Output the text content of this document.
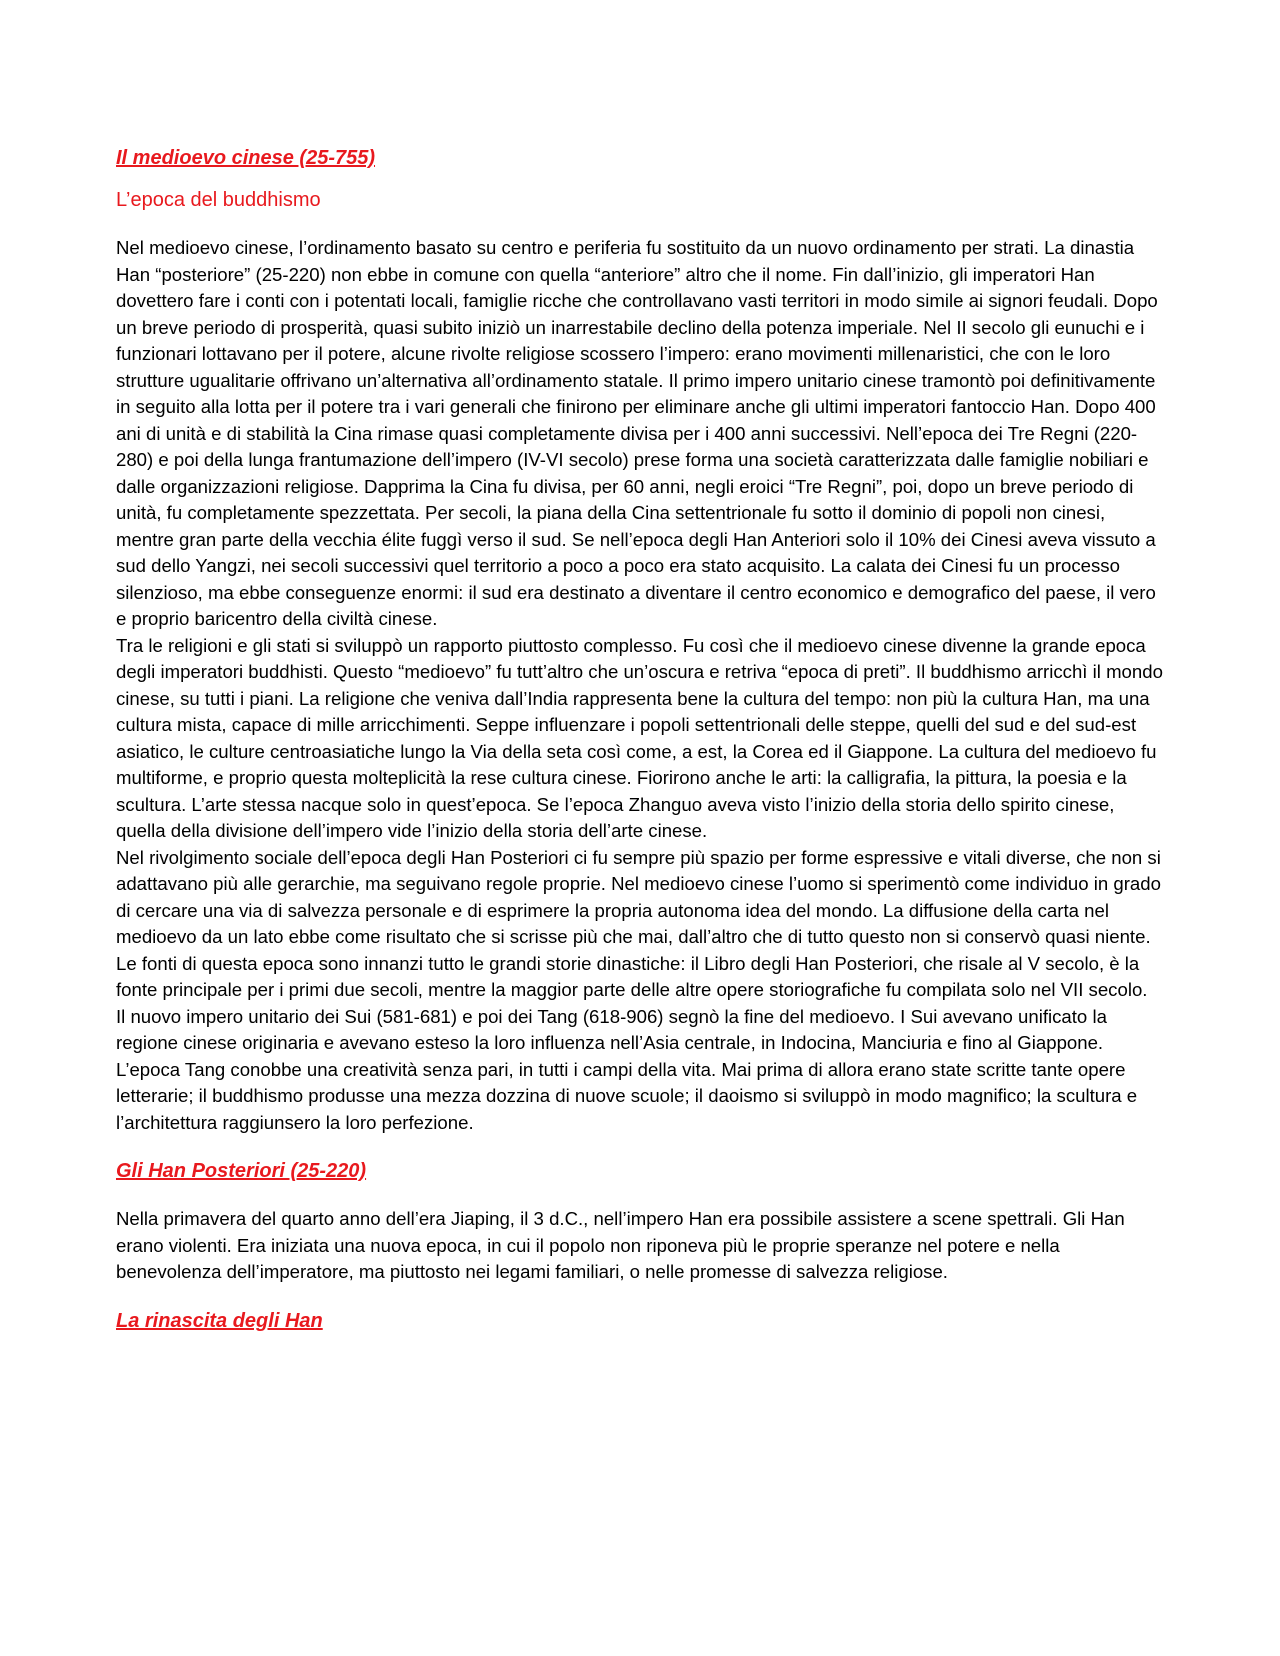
Il medioevo cinese (25-755)
L’epoca del buddhismo

Nel medioevo cinese, l’ordinamento basato su centro e periferia fu sostituito da un nuovo ordinamento per strati. La dinastia Han “posteriore” (25-220) non ebbe in comune con quella “anteriore” altro che il nome. Fin dall’inizio, gli imperatori Han dovettero fare i conti con i potentati locali, famiglie ricche che controllavano vasti territori in modo simile ai signori feudali. Dopo un breve periodo di prosperità, quasi subito iniziò un inarrestabile declino della potenza imperiale. Nel II secolo gli eunuchi e i funzionari lottavano per il potere, alcune rivolte religiose scossero l’impero: erano movimenti millenaristici, che con le loro strutture ugualitarie offrivano un’alternativa all’ordinamento statale. Il primo impero unitario cinese tramontò poi definitivamente in seguito alla lotta per il potere tra i vari generali che finirono per eliminare anche gli ultimi imperatori fantoccio Han. Dopo 400 ani di unità e di stabilità la Cina rimase quasi completamente divisa per i 400 anni successivi. Nell’epoca dei Tre Regni (220-280) e poi della lunga frantumazione dell’impero (IV-VI secolo) prese forma una società caratterizzata dalle famiglie nobiliari e dalle organizzazioni religiose. Dapprima la Cina fu divisa, per 60 anni, negli eroici “Tre Regni”, poi, dopo un breve periodo di unità, fu completamente spezzettata. Per secoli, la piana della Cina settentrionale fu sotto il dominio di popoli non cinesi, mentre gran parte della vecchia élite fuggì verso il sud. Se nell’epoca degli Han Anteriori solo il 10% dei Cinesi aveva vissuto a sud dello Yangzi, nei secoli successivi quel territorio a poco a poco era stato acquisito. La calata dei Cinesi fu un processo silenzioso, ma ebbe conseguenze enormi: il sud era destinato a diventare il centro economico e demografico del paese, il vero e proprio baricentro della civiltà cinese.

Tra le religioni e gli stati si sviluppò un rapporto piuttosto complesso. Fu così che il medioevo cinese divenne la grande epoca degli imperatori buddhisti. Questo “medioevo” fu tutt’altro che un’oscura e retriva “epoca di preti”. Il buddhismo arricchì il mondo cinese, su tutti i piani. La religione che veniva dall’India rappresenta bene la cultura del tempo: non più la cultura Han, ma una cultura mista, capace di mille arricchimenti. Seppe influenzare i popoli settentrionali delle steppe, quelli del sud e del sud-est asiatico, le culture centroasiatiche lungo la Via della seta così come, a est, la Corea ed il Giappone. La cultura del medioevo fu multiforme, e proprio questa molteplicità la rese cultura cinese. Fiorirono anche le arti: la calligrafia, la pittura, la poesia e la scultura. L’arte stessa nacque solo in quest’epoca. Se l’epoca Zhanguo aveva visto l’inizio della storia dello spirito cinese, quella della divisione dell’impero vide l’inizio della storia dell’arte cinese.

Nel rivolgimento sociale dell’epoca degli Han Posteriori ci fu sempre più spazio per forme espressive e vitali diverse, che non si adattavano più alle gerarchie, ma seguivano regole proprie. Nel medioevo cinese l’uomo si sperimentò come individuo in grado di cercare una via di salvezza personale e di esprimere la propria autonoma idea del mondo. La diffusione della carta nel medioevo da un lato ebbe come risultato che si scrisse più che mai, dall’altro che di tutto questo non si conservò quasi niente. Le fonti di questa epoca sono innanzi tutto le grandi storie dinastiche: il Libro degli Han Posteriori, che risale al V secolo, è la fonte principale per i primi due secoli, mentre la maggior parte delle altre opere storiografiche fu compilata solo nel VII secolo.

Il nuovo impero unitario dei Sui (581-681) e poi dei Tang (618-906) segnò la fine del medioevo. I Sui avevano unificato la regione cinese originaria e avevano esteso la loro influenza nell’Asia centrale, in Indocina, Manciuria e fino al Giappone. L’epoca Tang conobbe una creatività senza pari, in tutti i campi della vita. Mai prima di allora erano state scritte tante opere letterarie; il buddhismo produsse una mezza dozzina di nuove scuole; il daoismo si sviluppò in modo magnifico; la scultura e l’architettura raggiunsero la loro perfezione.

Gli Han Posteriori (25-220)

Nella primavera del quarto anno dell’era Jiaping, il 3 d.C., nell’impero Han era possibile assistere a scene spettrali. Gli Han erano violenti. Era iniziata una nuova epoca, in cui il popolo non riponeva più le proprie speranze nel potere e nella benevolenza dell’imperatore, ma piuttosto nei legami familiari, o nelle promesse di salvezza religiose.

La rinascita degli Han
